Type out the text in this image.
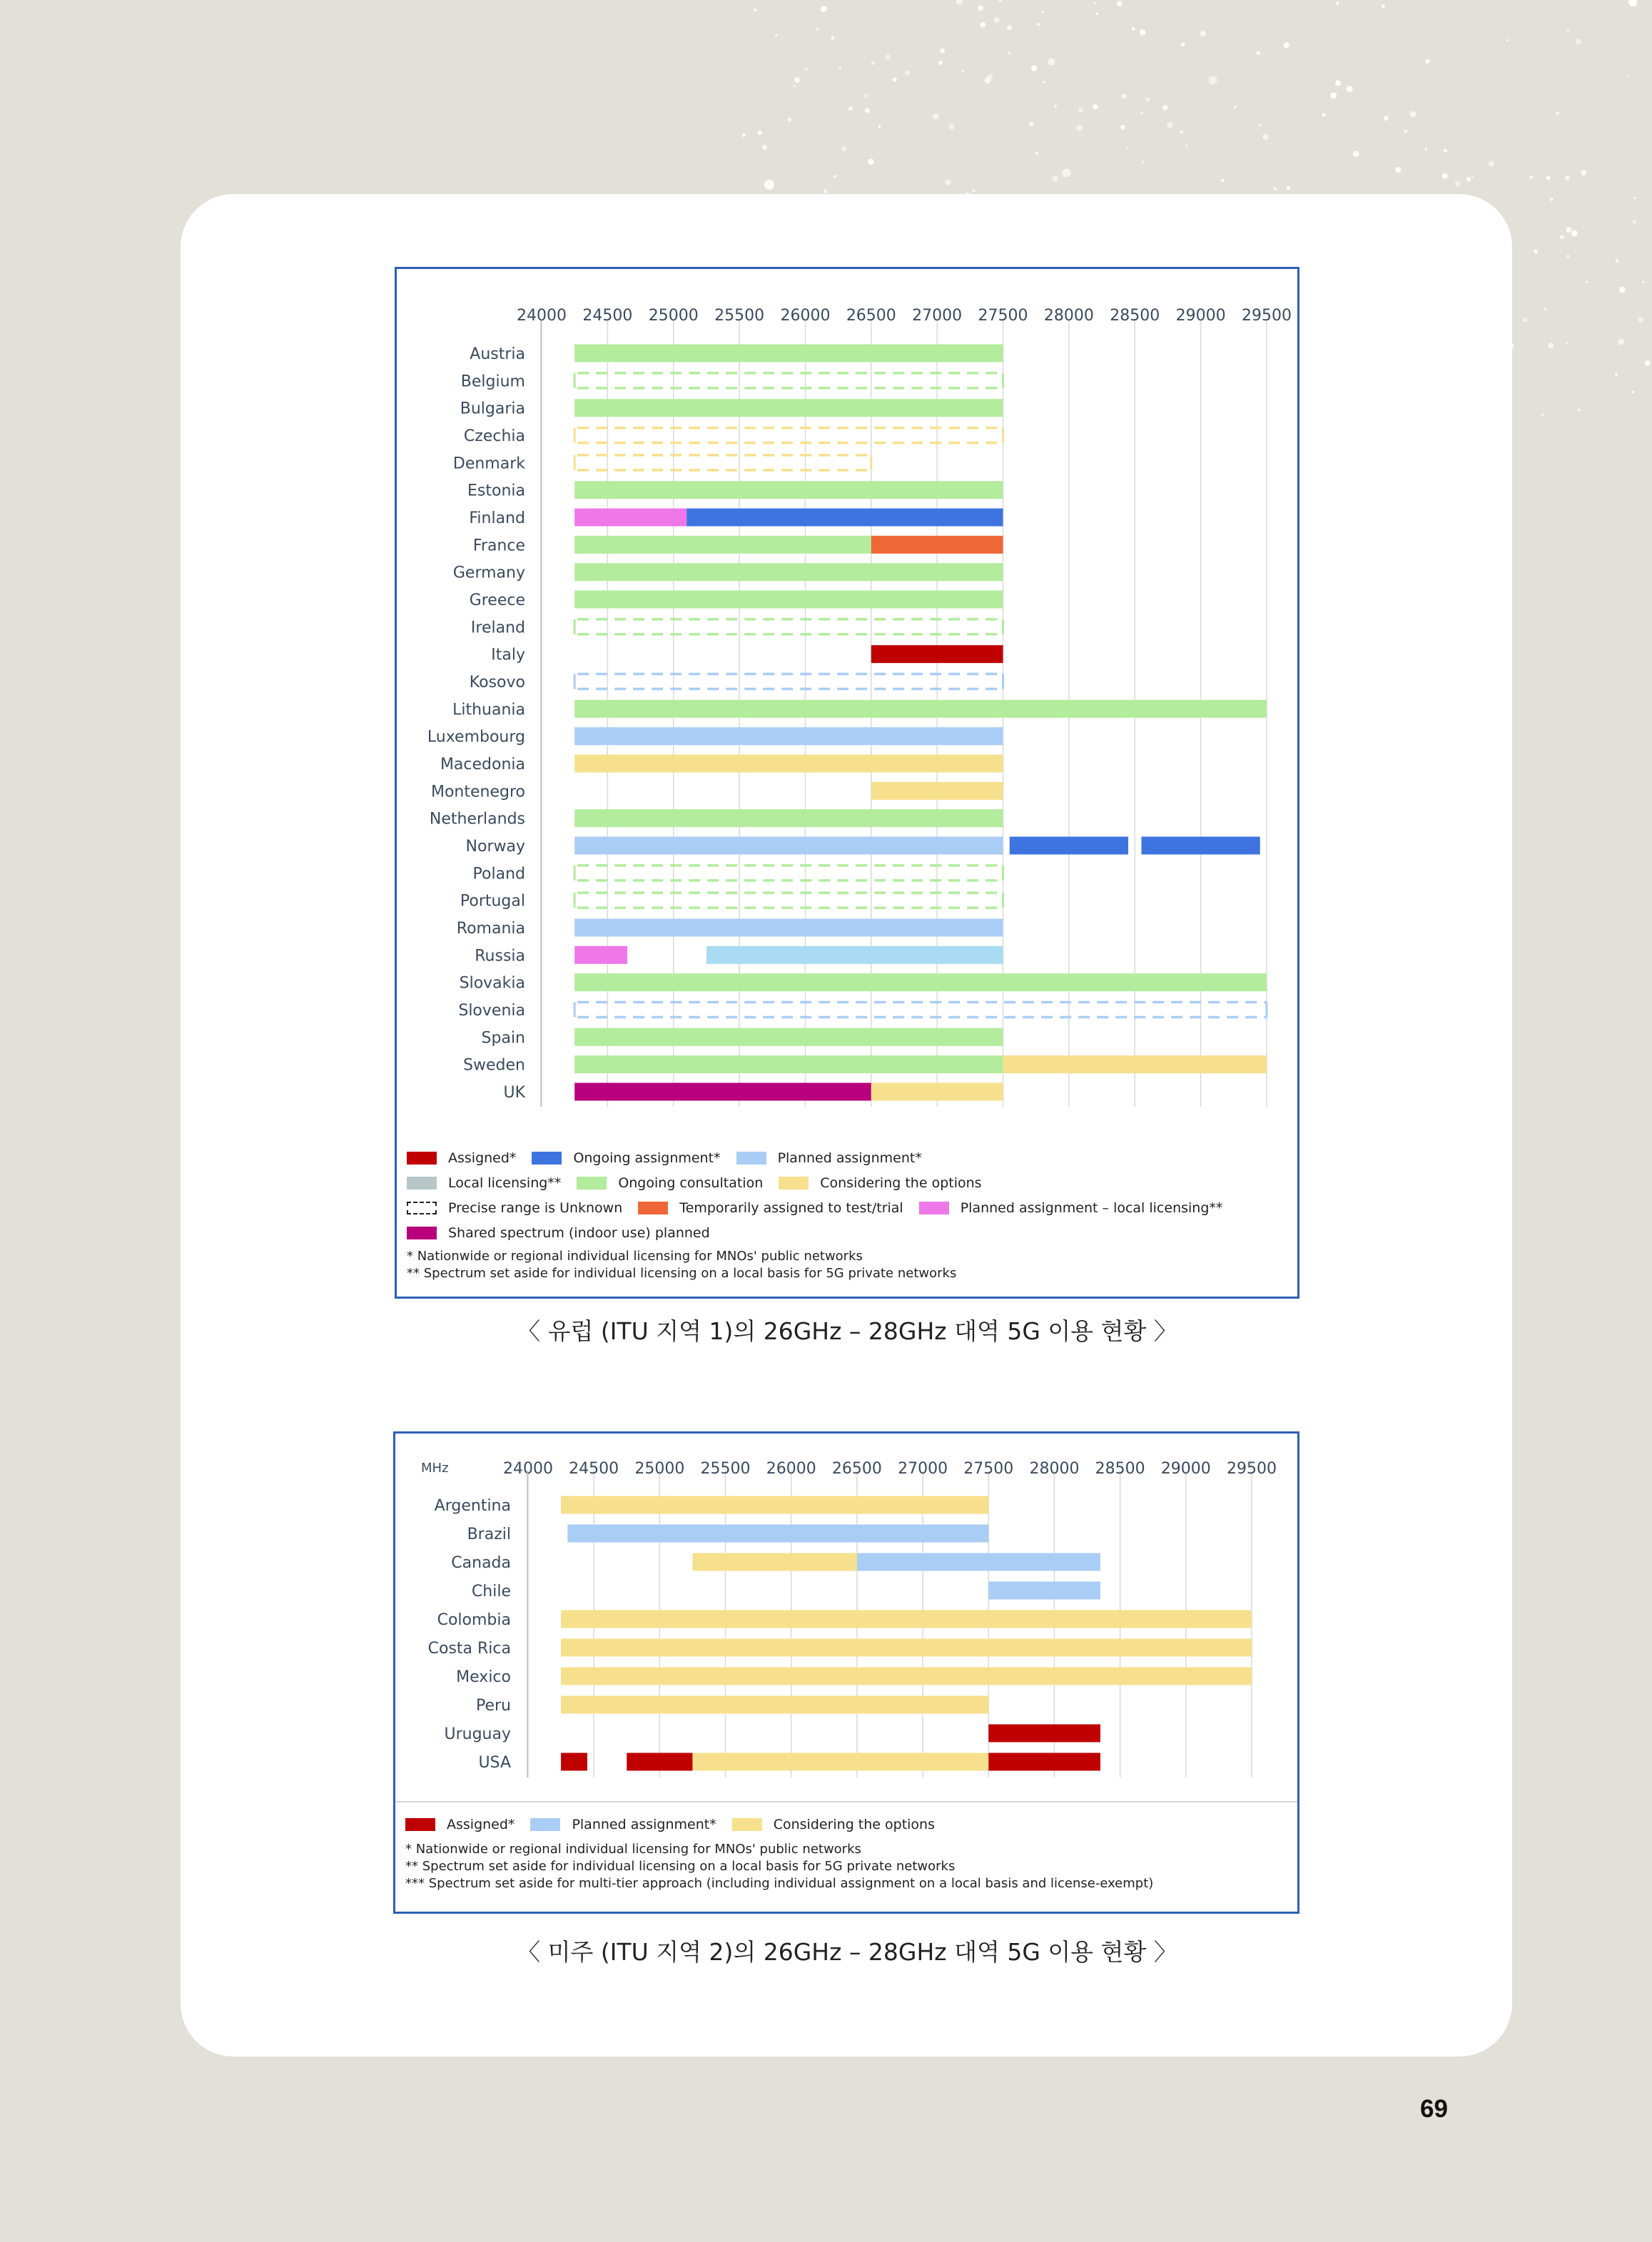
24000 24500 25000 25500 26000 26500 27000 27500 28000 28500 29000 29500
Austria
Belgium
Bulgaria
Czechia
Denmark
Estonia
Finland
France
Germany
Greece
Ireland
Italy
Kosovo
Lithuania
Luxembourg
Macedonia
Montenegro
Netherlands
Norway
Poland
Portugal
Romania
Russia
Slovakia
Slovenia
Spain
Sweden
UK
Assigned*	Ongoing assignment*	Planned assignment*
Local licensing**	Ongoing consultation	Considering the options
Precise range is Unknown	Temporarily assigned to test/trial	Planned assignment – local licensing**
Shared spectrum (indoor use) planned
* Nationwide or regional individual licensing for MNOs' public networks
** Spectrum set aside for individual licensing on a local basis for 5G private networks
〈 유럽 (ITU 지역 1)의 26GHz – 28GHz 대역 5G 이용 현황 〉
24000 24500 25000 25500 26000 26500 27000 27500 28000 28500 29000 29500
MHz
Argentina
Brazil
Canada
Chile
Colombia
Costa Rica
Mexico
Peru
Uruguay
USA
Assigned*	Planned assignment*	Considering the options
* Nationwide or regional individual licensing for MNOs' public networks
** Spectrum set aside for individual licensing on a local basis for 5G private networks
*** Spectrum set aside for multi-tier approach (including individual assignment on a local basis and license-exempt)
〈 미주 (ITU 지역 2)의 26GHz – 28GHz 대역 5G 이용 현황 〉
69
